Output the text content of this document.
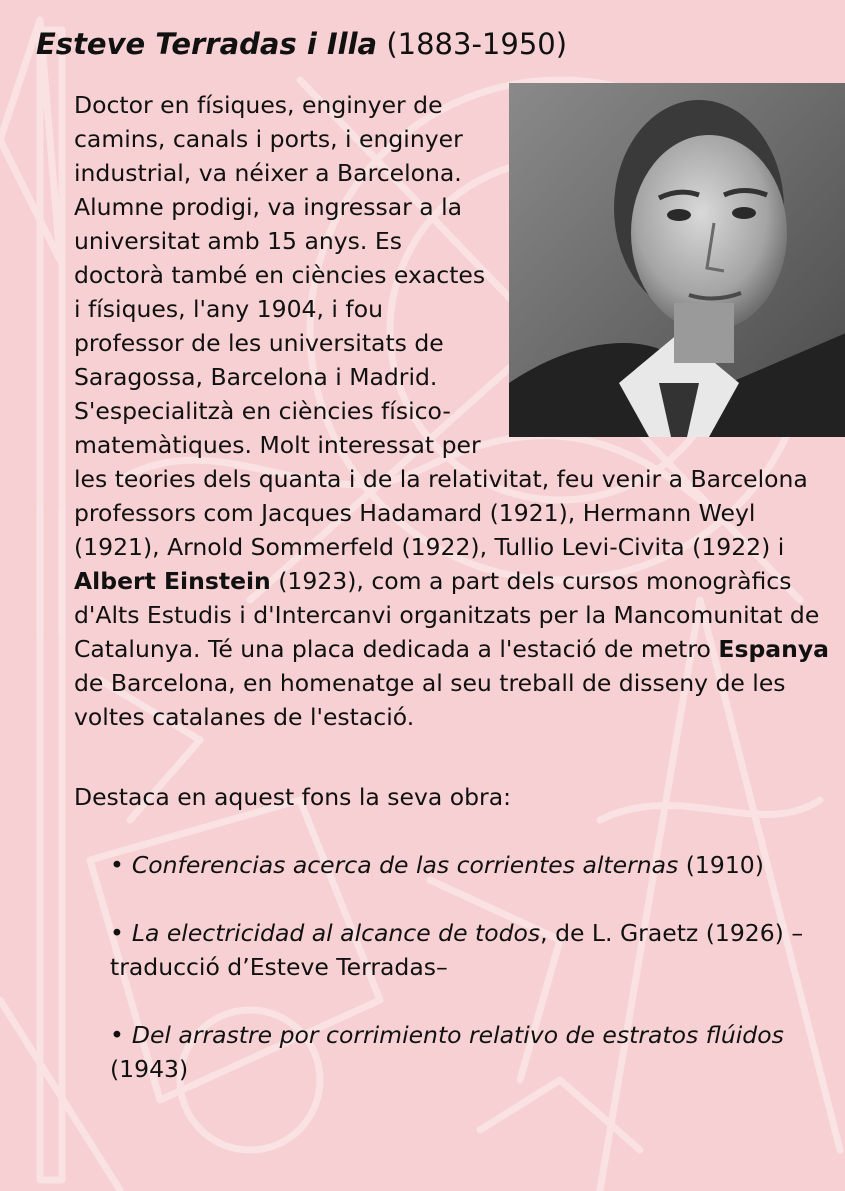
Esteve Terradas i Illa (1883-1950)

Doctor en físiques, enginyer de camins, canals i ports, i enginyer industrial, va néixer a Barcelona. Alumne prodigi, va ingressar a la universitat amb 15 anys. Es doctorà també en ciències exactes i físiques, l'any 1904, i fou professor de les universitats de Saragossa, Barcelona i Madrid. S'especialitzà en ciències físico-matemàtiques. Molt interessat per les teories dels quanta i de la relativitat, feu venir a Barcelona professors com Jacques Hadamard (1921), Hermann Weyl (1921), Arnold Sommerfeld (1922), Tullio Levi-Civita (1922) i Albert Einstein (1923), com a part dels cursos monogràfics d'Alts Estudis i d'Intercanvi organitzats per la Mancomunitat de Catalunya. Té una placa dedicada a l'estació de metro Espanya de Barcelona, en homenatge al seu treball de disseny de les voltes catalanes de l'estació.

Destaca en aquest fons la seva obra:

• Conferencias acerca de las corrientes alternas (1910)
• La electricidad al alcance de todos, de L. Graetz (1926) –traducció d’Esteve Terradas–
• Del arrastre por corrimiento relativo de estratos flúidos (1943)
